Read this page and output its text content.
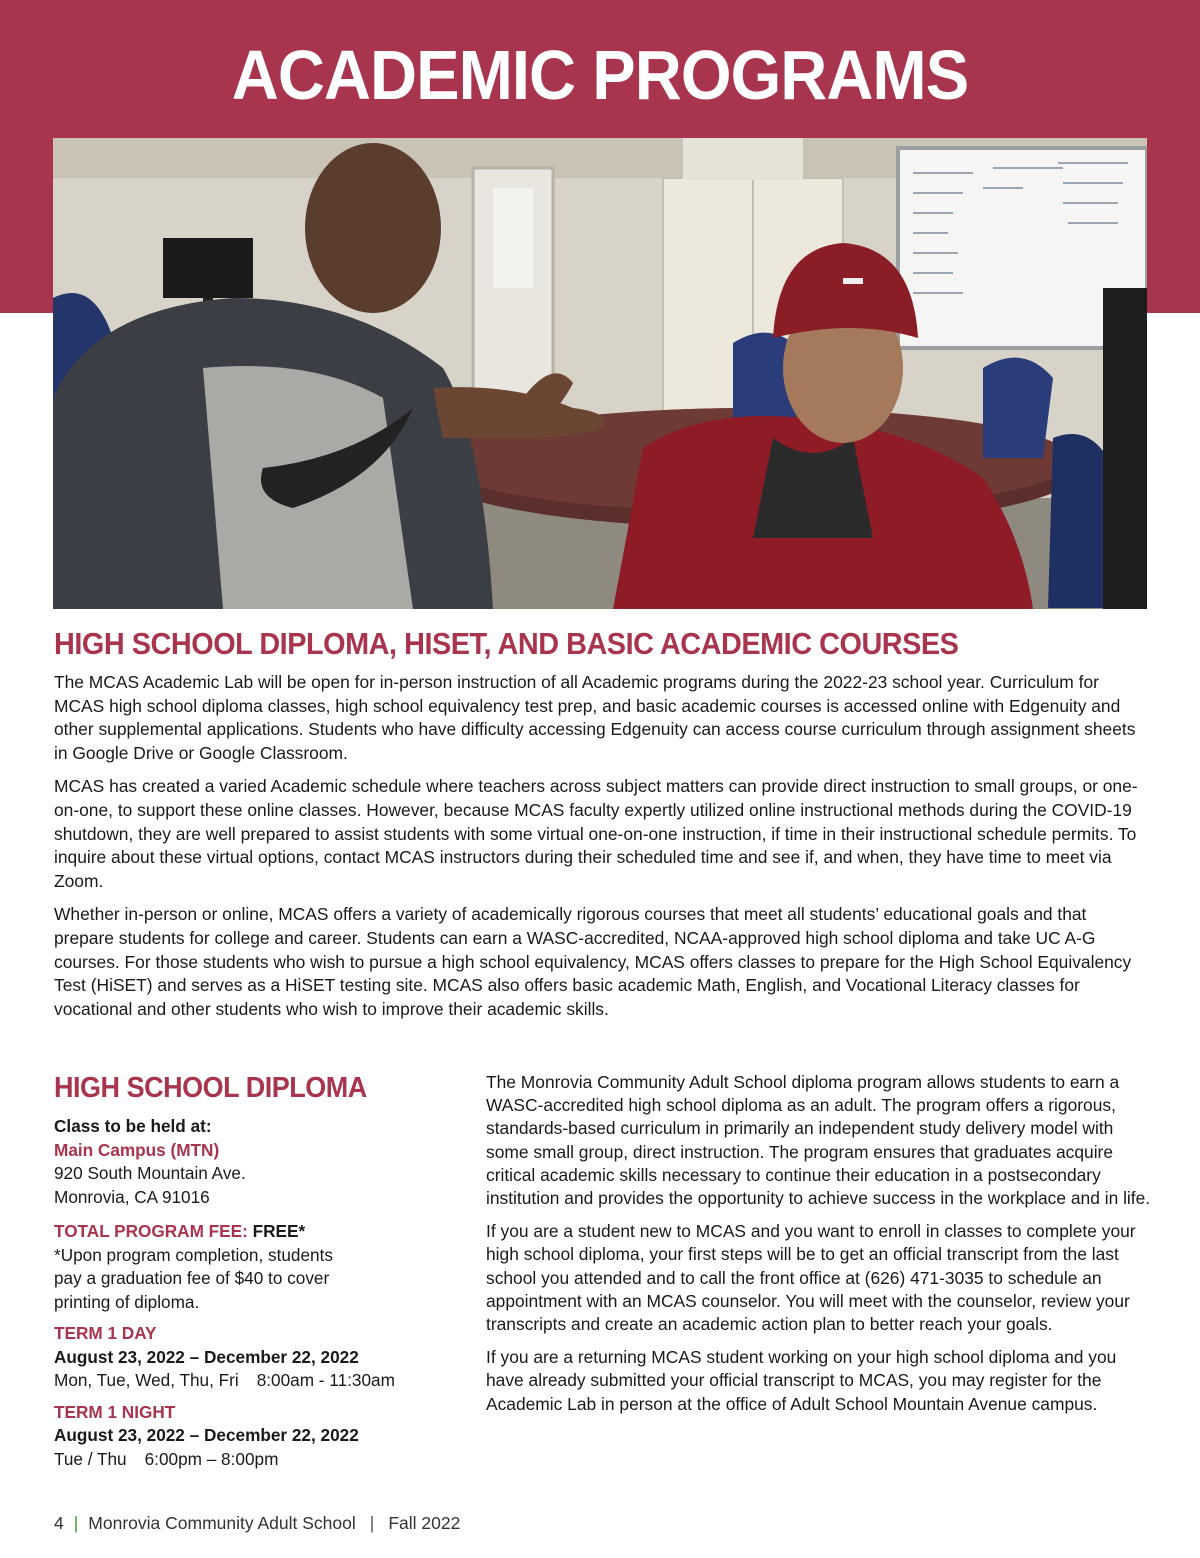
ACADEMIC PROGRAMS
HIGH SCHOOL DIPLOMA, HISET, AND BASIC ACADEMIC COURSES

The MCAS Academic Lab will be open for in-person instruction of all Academic programs during the 2022-23 school year. Curriculum for MCAS high school diploma classes, high school equivalency test prep, and basic academic courses is accessed online with Edgenuity and other supplemental applications. Students who have difficulty accessing Edgenuity can access course curriculum through assignment sheets in Google Drive or Google Classroom.

MCAS has created a varied Academic schedule where teachers across subject matters can provide direct instruction to small groups, or one-on-one, to support these online classes. However, because MCAS faculty expertly utilized online instructional methods during the COVID-19 shutdown, they are well prepared to assist students with some virtual one-on-one instruction, if time in their instructional schedule permits. To inquire about these virtual options, contact MCAS instructors during their scheduled time and see if, and when, they have time to meet via Zoom.

Whether in-person or online, MCAS offers a variety of academically rigorous courses that meet all students’ educational goals and that prepare students for college and career. Students can earn a WASC-accredited, NCAA-approved high school diploma and take UC A-G courses. For those students who wish to pursue a high school equivalency, MCAS offers classes to prepare for the High School Equivalency Test (HiSET) and serves as a HiSET testing site. MCAS also offers basic academic Math, English, and Vocational Literacy classes for vocational and other students who wish to improve their academic skills.

HIGH SCHOOL DIPLOMA

Class to be held at:

Main Campus (MTN)

920 South Mountain Ave.

Monrovia, CA 91016

TOTAL PROGRAM FEE: FREE*

*Upon program completion, students

pay a graduation fee of $40 to cover

printing of diploma.

TERM 1 DAY

August 23, 2022 – December 22, 2022

Mon, Tue, Wed, Thu, Fri 8:00am - 11:30am

TERM 1 NIGHT

August 23, 2022 – December 22, 2022

Tue / Thu 6:00pm – 8:00pm

The Monrovia Community Adult School diploma program allows students to earn a WASC-accredited high school diploma as an adult. The program offers a rigorous, standards-based curriculum in primarily an independent study delivery model with some small group, direct instruction. The program ensures that graduates acquire critical academic skills necessary to continue their education in a postsecondary institution and provides the opportunity to achieve success in the workplace and in life.

If you are a student new to MCAS and you want to enroll in classes to complete your high school diploma, your first steps will be to get an official transcript from the last school you attended and to call the front office at (626) 471-3035 to schedule an appointment with an MCAS counselor. You will meet with the counselor, review your transcripts and create an academic action plan to better reach your goals.

If you are a returning MCAS student working on your high school diploma and you have already submitted your official transcript to MCAS, you may register for the Academic Lab in person at the office of Adult School Mountain Avenue campus.

4 | Monrovia Community Adult School | Fall 2022
